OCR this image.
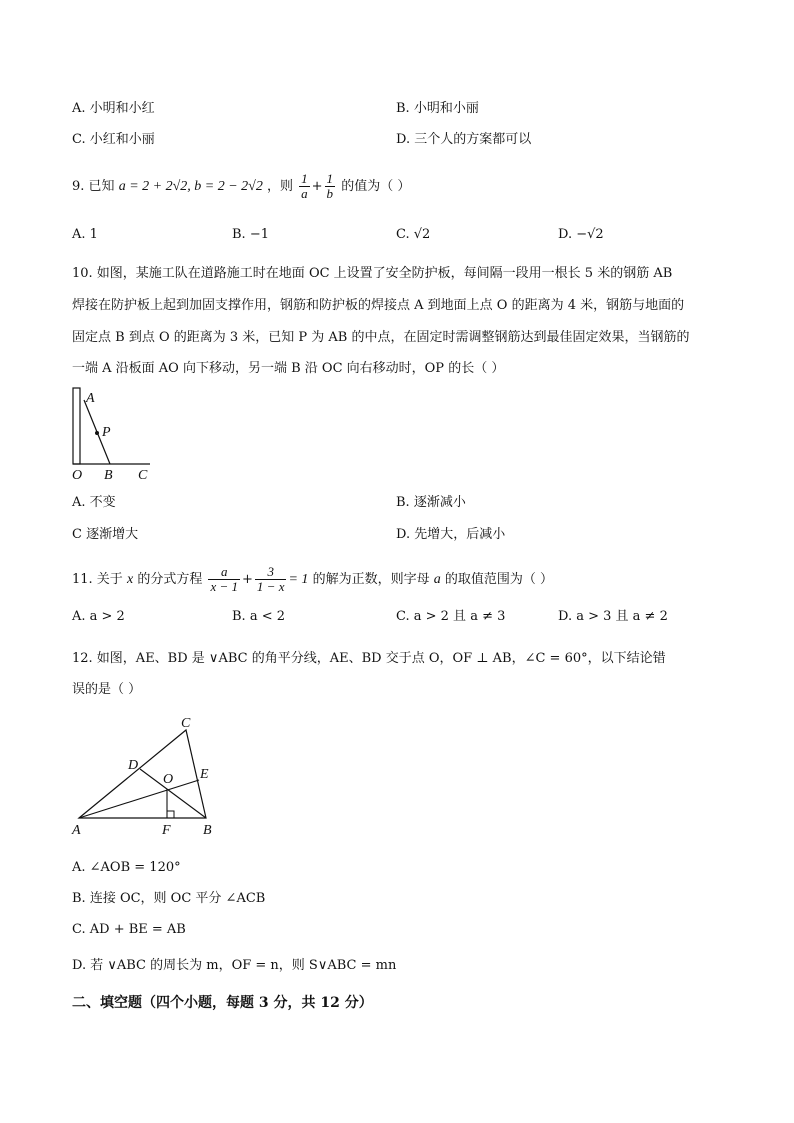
A. 小明和小红	B. 小明和小丽
C. 小红和小丽	D. 三个人的方案都可以
9. 已知 a = 2 + 2√2, b = 2 − 2√2 ，则 $\frac{1}{a} + \frac{1}{b}$ 的值为（ ）
A. 1	B. −1	C. √2	D. −√2
10. 如图，某施工队在道路施工时在地面 OC 上设置了安全防护板，每间隔一段用一根长 5 米的钢筋 AB
焊接在防护板上起到加固支撑作用，钢筋和防护板的焊接点 A 到地面上点 O 的距离为 4 米，钢筋与地面的
固定点 B 到点 O 的距离为 3 米，已知 P 为 AB 的中点，在固定时需调整钢筋达到最佳固定效果，当钢筋的
一端 A 沿板面 AO 向下移动，另一端 B 沿 OC 向右移动时，OP 的长（ ）
A
P
O B C
A. 不变	B. 逐渐减小
C 逐渐增大	D. 先增大，后减小
11. 关于 x 的分式方程 $\frac{a}{x - 1} + \frac{3}{1 - x} = 1$ 的解为正数，则字母 a 的取值范围为（ ）
A. a > 2	B. a < 2	C. a > 2 且 a ≠ 3	D. a > 3 且 a ≠ 2
12. 如图，AE、BD 是 ∨ABC 的角平分线，AE、BD 交于点 O，OF ⊥ AB，∠C = 60°，以下结论错
误的是（ ）
C
D
O E
A	F B
A. ∠AOB = 120°
B. 连接 OC，则 OC 平分 ∠ACB
C. AD + BE = AB
D. 若 ∨ABC 的周长为 m，OF = n，则 S∨ABC = mn
二、填空题（四个小题，每题 3 分，共 12 分）
